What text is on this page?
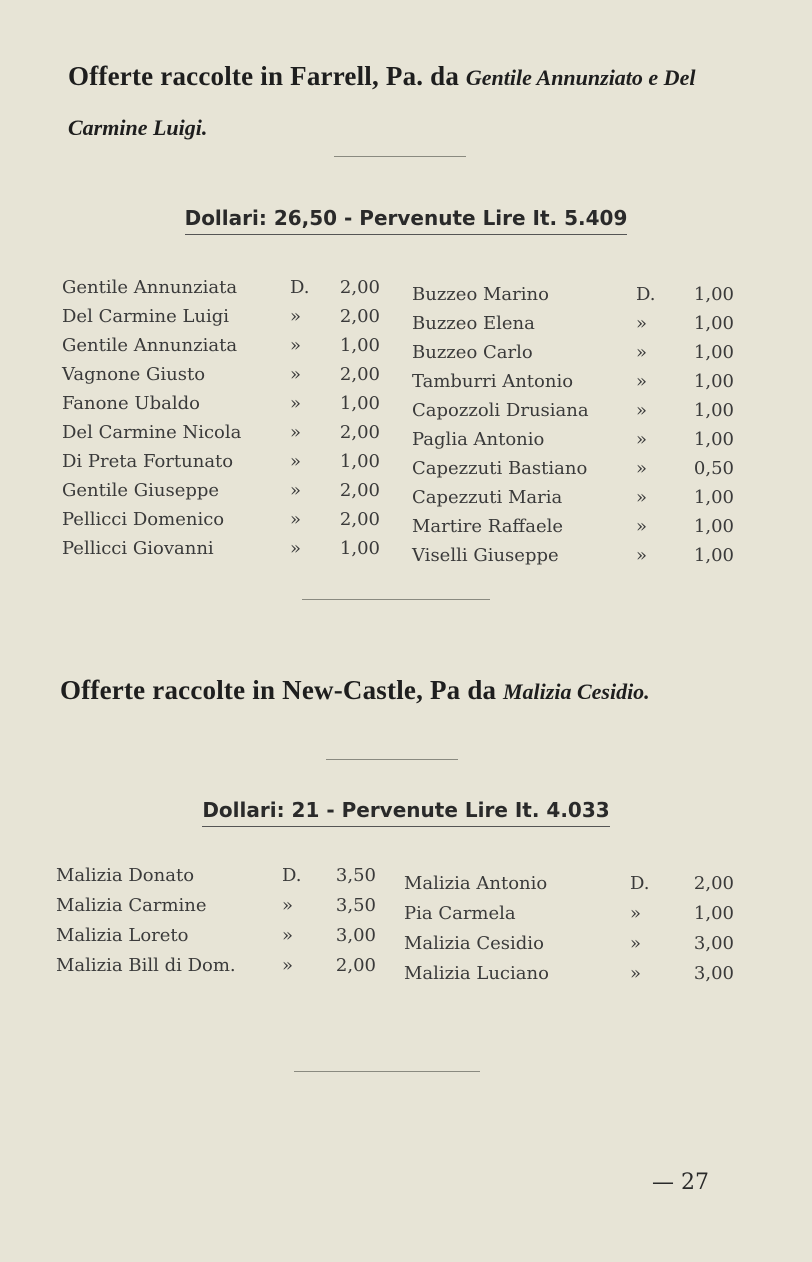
Offerte raccolte in Farrell, Pa. da Gentile Annunziato e Del Carmine Luigi.
Dollari: 26,50 - Pervenute Lire It. 5.409
Gentile Annunziata	D.	2,00
Del Carmine Luigi	»	2,00
Gentile Annunziata	»	1,00
Vagnone Giusto	»	2,00
Fanone Ubaldo	»	1,00
Del Carmine Nicola	»	2,00
Di Preta Fortunato	»	1,00
Gentile Giuseppe	»	2,00
Pellicci Domenico	»	2,00
Pellicci Giovanni	»	1,00
Buzzeo Marino	D.	1,00
Buzzeo Elena	»	1,00
Buzzeo Carlo	»	1,00
Tamburri Antonio	»	1,00
Capozzoli Drusiana	»	1,00
Paglia Antonio	»	1,00
Capezzuti Bastiano	»	0,50
Capezzuti Maria	»	1,00
Martire Raffaele	»	1,00
Viselli Giuseppe	»	1,00
Offerte raccolte in New-Castle, Pa da Malizia Cesidio.
Dollari: 21 - Pervenute Lire It. 4.033
Malizia Donato	D.	3,50
Malizia Carmine	»	3,50
Malizia Loreto	»	3,00
Malizia Bill di Dom.	»	2,00
Malizia Antonio	D.	2,00
Pia Carmela	»	1,00
Malizia Cesidio	»	3,00
Malizia Luciano	»	3,00
— 27
